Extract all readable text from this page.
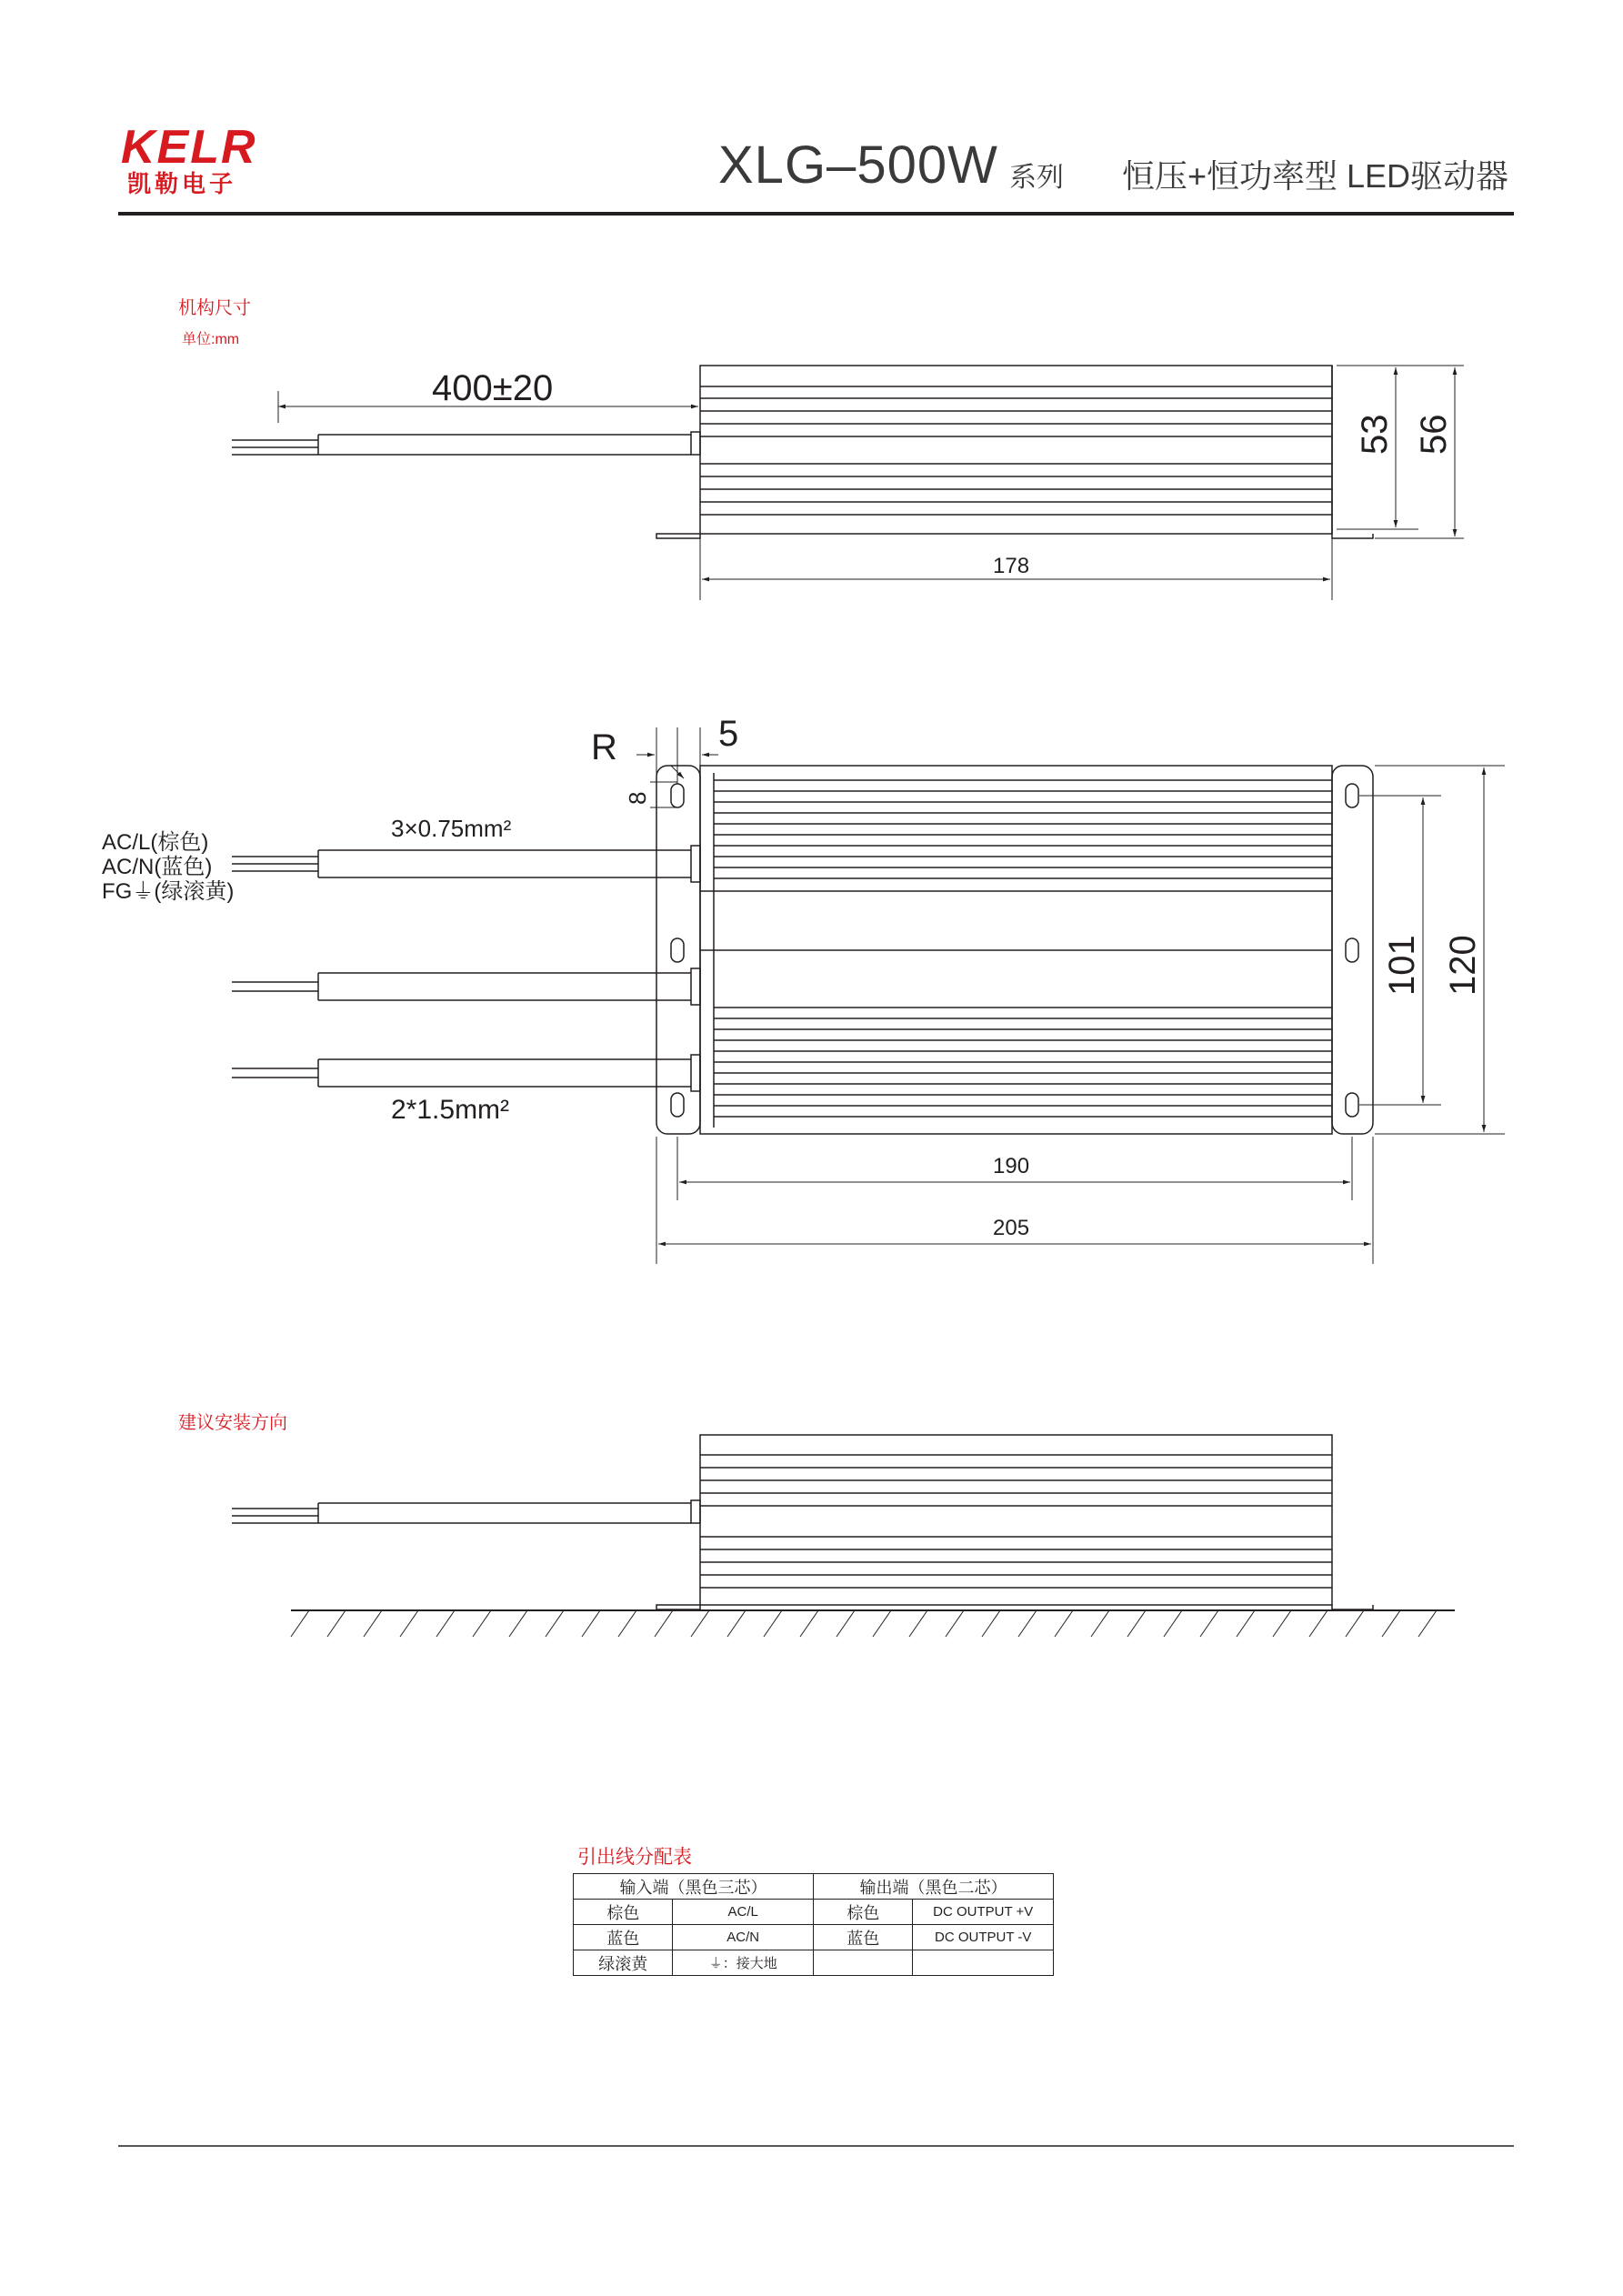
KELR
凯勒电子	XLG–500W 系列 恒压+恒功率型 LED驱动器
机构尺寸
单位:mm
建议安装方向
400±20
178
53 56
R	5
8
3×0.75mm²
2*1.5mm²
AC/L(棕色)
AC/N(蓝色)
FG⏚(绿滚黄)
190
205
101 120
引出线分配表
输入端（黑色三芯）		输出端（黑色二芯）	
棕色	AC/L	棕色	DC OUTPUT +V
蓝色	AC/N	蓝色	DC OUTPUT -V
绿滚黄	⏚：接大地		
